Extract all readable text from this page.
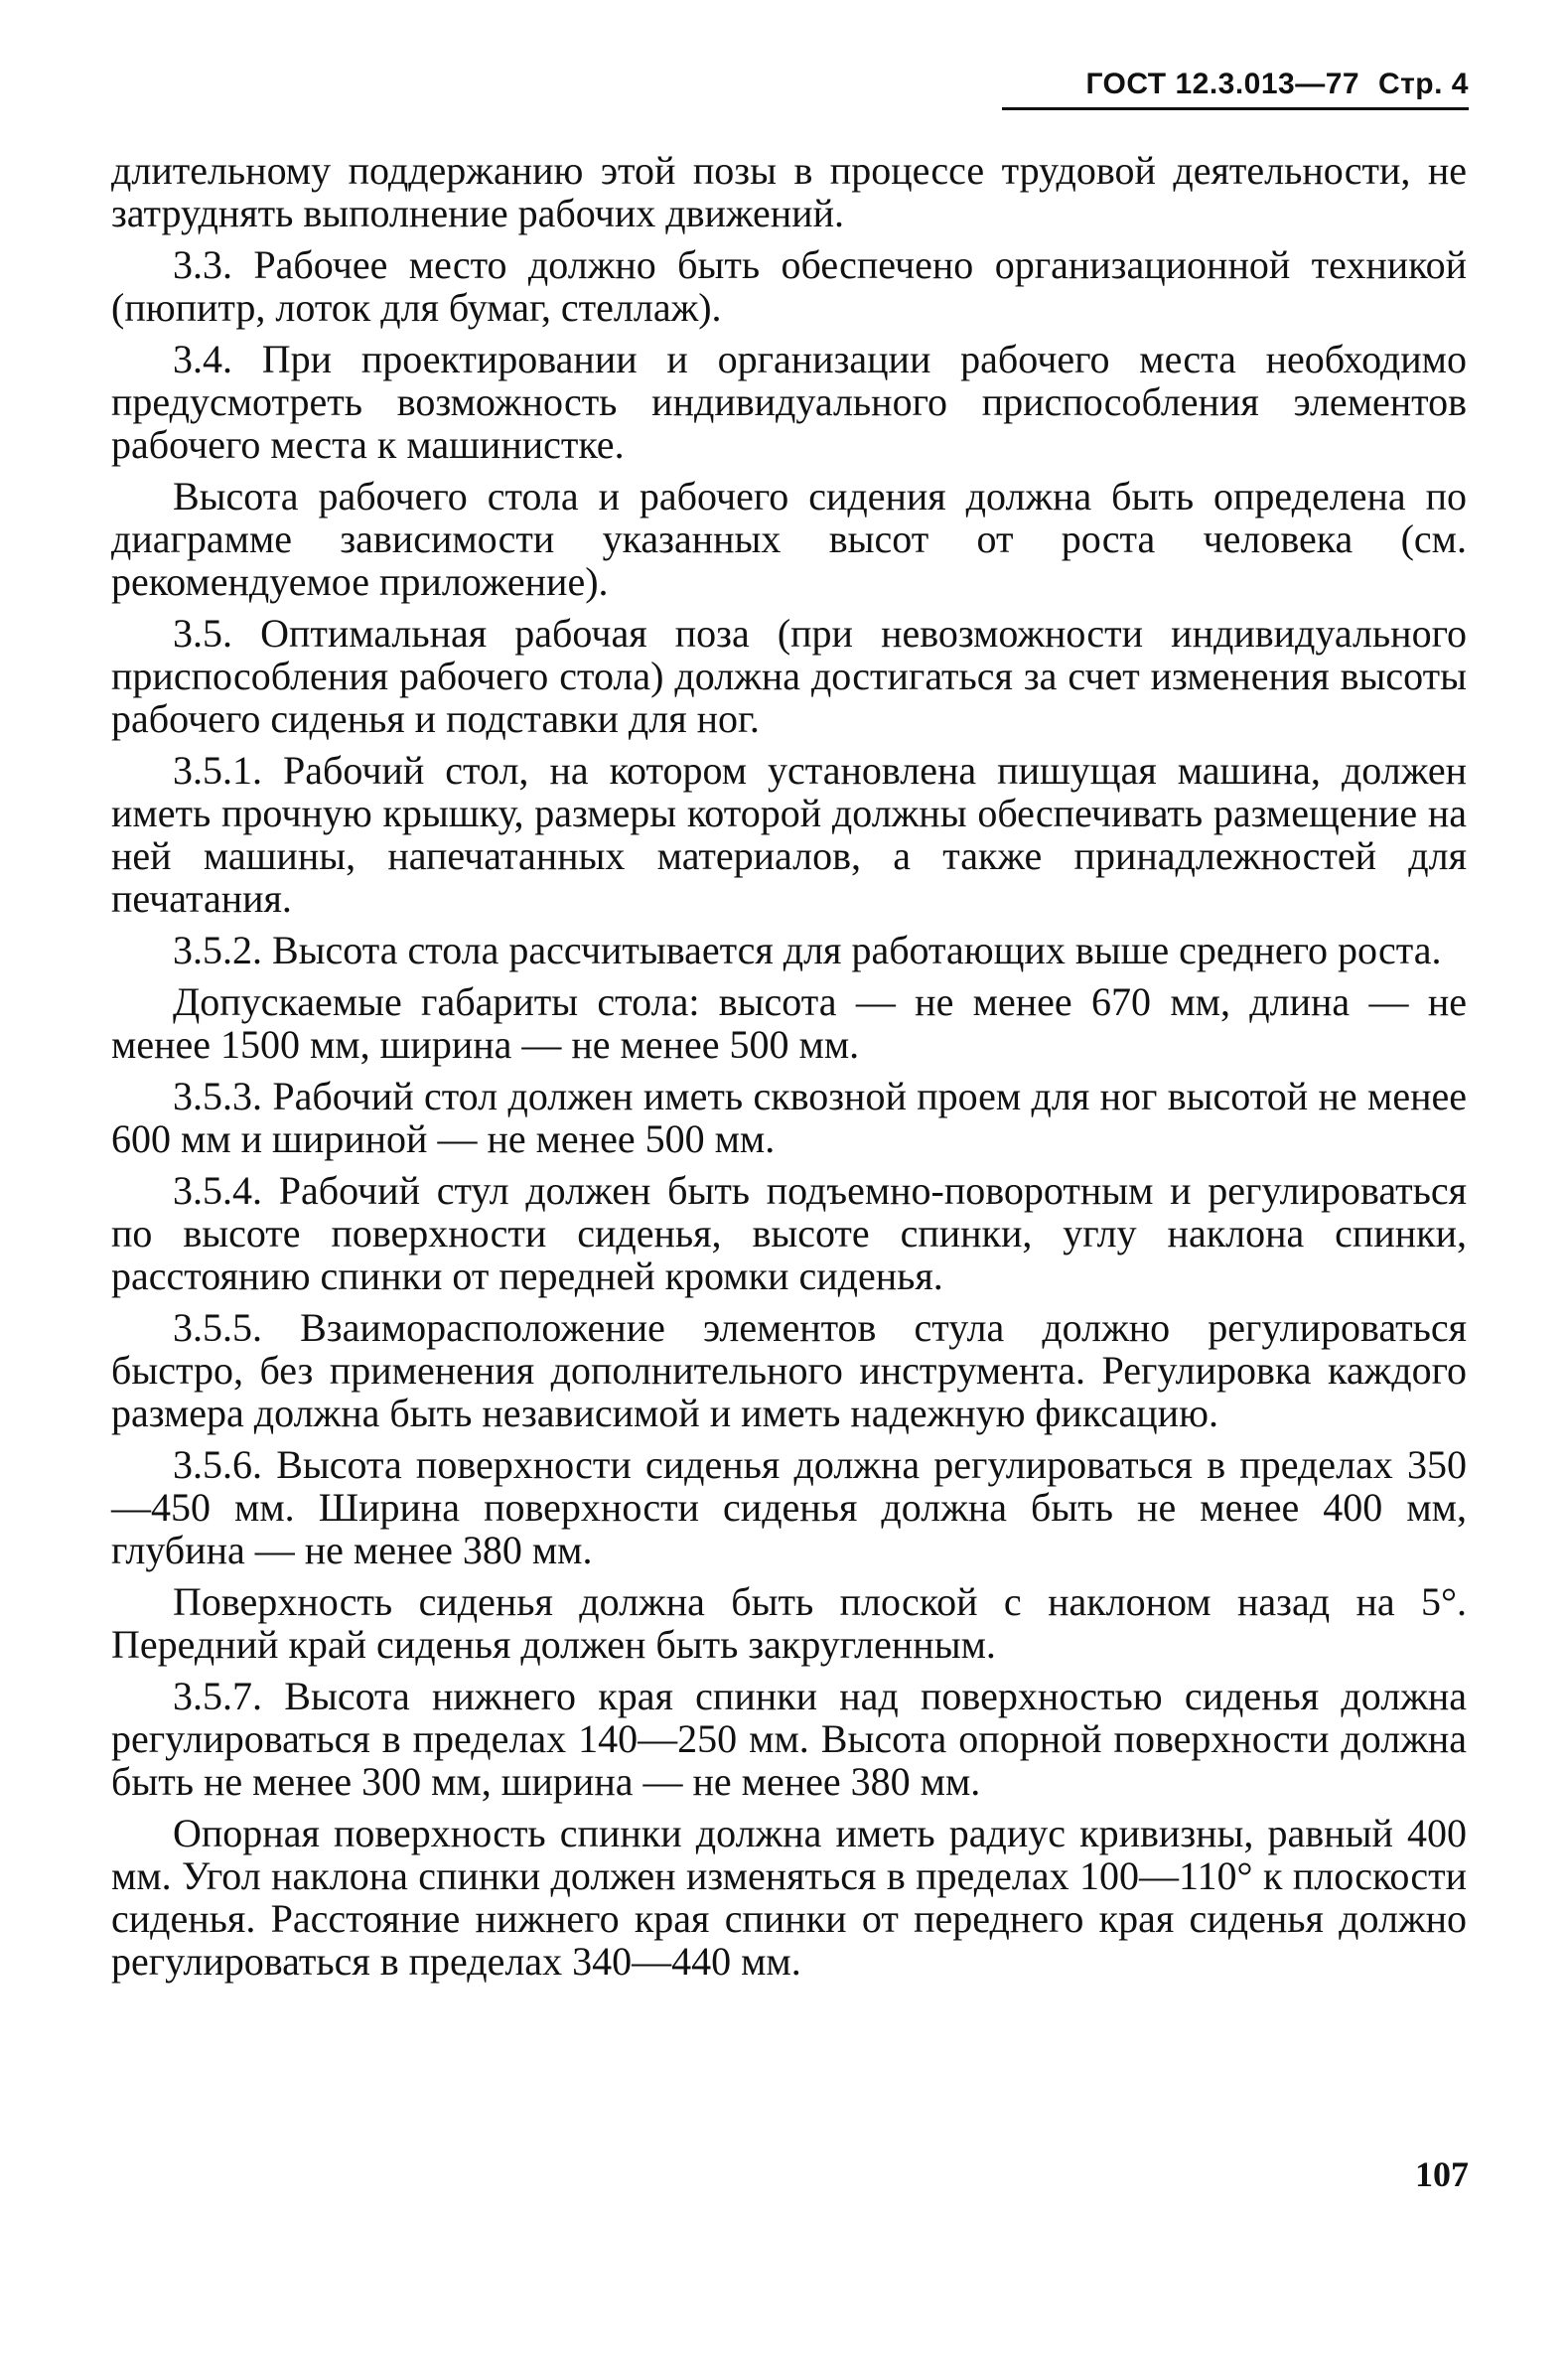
ГОСТ 12.3.013—77 Стр. 4

длительному поддержанию этой позы в процессе трудовой деятельности, не затруднять выполнение рабочих движений.

3.3. Рабочее место должно быть обеспечено организационной техникой (пюпитр, лоток для бумаг, стеллаж).

3.4. При проектировании и организации рабочего места необходимо предусмотреть возможность индивидуального приспособления элементов рабочего места к машинистке.

Высота рабочего стола и рабочего сидения должна быть определена по диаграмме зависимости указанных высот от роста человека (см. рекомендуемое приложение).

3.5. Оптимальная рабочая поза (при невозможности индивидуального приспособления рабочего стола) должна достигаться за счет изменения высоты рабочего сиденья и подставки для ног.

3.5.1. Рабочий стол, на котором установлена пишущая машина, должен иметь прочную крышку, размеры которой должны обеспечивать размещение на ней машины, напечатанных материалов, а также принадлежностей для печатания.

3.5.2. Высота стола рассчитывается для работающих выше среднего роста.

Допускаемые габариты стола: высота — не менее 670 мм, длина — не менее 1500 мм, ширина — не менее 500 мм.

3.5.3. Рабочий стол должен иметь сквозной проем для ног высотой не менее 600 мм и шириной — не менее 500 мм.

3.5.4. Рабочий стул должен быть подъемно-поворотным и регулироваться по высоте поверхности сиденья, высоте спинки, углу наклона спинки, расстоянию спинки от передней кромки сиденья.

3.5.5. Взаиморасположение элементов стула должно регулироваться быстро, без применения дополнительного инструмента. Регулировка каждого размера должна быть независимой и иметь надежную фиксацию.

3.5.6. Высота поверхности сиденья должна регулироваться в пределах 350—450 мм. Ширина поверхности сиденья должна быть не менее 400 мм, глубина — не менее 380 мм.

Поверхность сиденья должна быть плоской с наклоном назад на 5°. Передний край сиденья должен быть закругленным.

3.5.7. Высота нижнего края спинки над поверхностью сиденья должна регулироваться в пределах 140—250 мм. Высота опорной поверхности должна быть не менее 300 мм, ширина — не менее 380 мм.

Опорная поверхность спинки должна иметь радиус кривизны, равный 400 мм. Угол наклона спинки должен изменяться в пределах 100—110° к плоскости сиденья. Расстояние нижнего края спинки от переднего края сиденья должно регулироваться в пределах 340—440 мм.

107
